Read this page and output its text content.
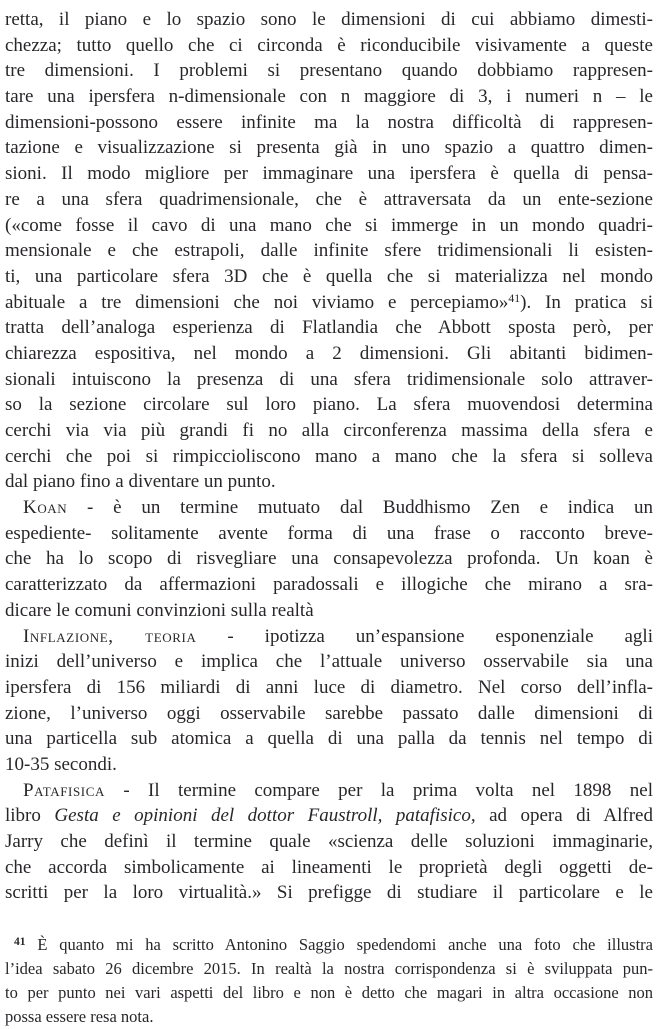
retta, il piano e lo spazio sono le dimensioni di cui abbiamo dimesti-
chezza; tutto quello che ci circonda è riconducibile visivamente a queste
tre dimensioni. I problemi si presentano quando dobbiamo rappresen-
tare una ipersfera n-dimensionale con n maggiore di 3, i numeri n – le
dimensioni-possono essere infinite ma la nostra difficoltà di rappresen-
tazione e visualizzazione si presenta già in uno spazio a quattro dimen-
sioni. Il modo migliore per immaginare una ipersfera è quella di pensa-
re a una sfera quadrimensionale, che è attraversata da un ente-sezione
(«come fosse il cavo di una mano che si immerge in un mondo quadri-
mensionale e che estrapoli, dalle infinite sfere tridimensionali li esisten-
ti, una particolare sfera 3D che è quella che si materializza nel mondo
abituale a tre dimensioni che noi viviamo e percepiamo»$^{41}$). In pratica si
tratta dell’analoga esperienza di Flatlandia che Abbott sposta però, per
chiarezza espositiva, nel mondo a 2 dimensioni. Gli abitanti bidimen-
sionali intuiscono la presenza di una sfera tridimensionale solo attraver-
so la sezione circolare sul loro piano. La sfera muovendosi determina
cerchi via via più grandi fi no alla circonferenza massima della sfera e
cerchi che poi si rimpiccioliscono mano a mano che la sfera si solleva
dal piano fino a diventare un punto.
Koan - è un termine mutuato dal Buddhismo Zen e indica un
espediente- solitamente avente forma di una frase o racconto breve-
che ha lo scopo di risvegliare una consapevolezza profonda. Un koan è
caratterizzato da affermazioni paradossali e illogiche che mirano a sra-
dicare le comuni convinzioni sulla realtà
Inflazione, teoria - ipotizza un’espansione esponenziale agli
inizi dell’universo e implica che l’attuale universo osservabile sia una
ipersfera di 156 miliardi di anni luce di diametro. Nel corso dell’infla-
zione, l’universo oggi osservabile sarebbe passato dalle dimensioni di
una particella sub atomica a quella di una palla da tennis nel tempo di
10-35 secondi.
Patafisica - Il termine compare per la prima volta nel 1898 nel
libro Gesta e opinioni del dottor Faustroll, patafisico, ad opera di Alfred
Jarry che definì il termine quale «scienza delle soluzioni immaginarie,
che accorda simbolicamente ai lineamenti le proprietà degli oggetti de-
scritti per la loro virtualità.» Si prefigge di studiare il particolare e le
$^{41}$ È quanto mi ha scritto Antonino Saggio spedendomi anche una foto che illustra
l’idea sabato 26 dicembre 2015. In realtà la nostra corrispondenza si è sviluppata pun-
to per punto nei vari aspetti del libro e non è detto che magari in altra occasione non
possa essere resa nota.
